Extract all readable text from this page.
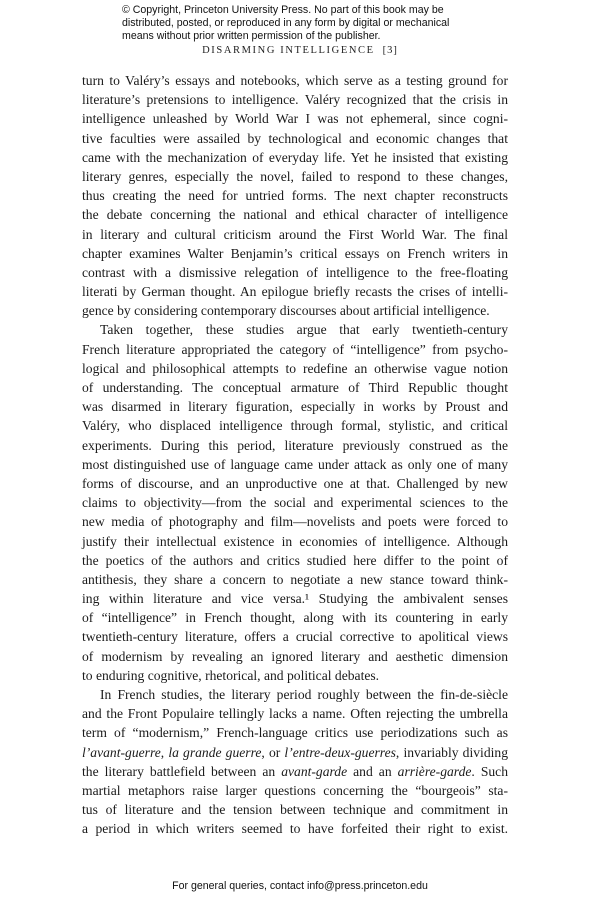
© Copyright, Princeton University Press. No part of this book may be
distributed, posted, or reproduced in any form by digital or mechanical
means without prior written permission of the publisher.
DISARMING INTELLIGENCE [3]
turn to Valéry’s essays and notebooks, which serve as a testing ground for
literature’s pretensions to intelligence. Valéry recognized that the crisis in
intelligence unleashed by World War I was not ephemeral, since cogni-
tive faculties were assailed by technological and economic changes that
came with the mechanization of everyday life. Yet he insisted that existing
literary genres, especially the novel, failed to respond to these changes,
thus creating the need for untried forms. The next chapter reconstructs
the debate concerning the national and ethical character of intelligence
in literary and cultural criticism around the First World War. The final
chapter examines Walter Benjamin’s critical essays on French writers in
contrast with a dismissive relegation of intelligence to the free-floating
literati by German thought. An epilogue briefly recasts the crises of intelli-
gence by considering contemporary discourses about artificial intelligence.
Taken together, these studies argue that early twentieth-century
French literature appropriated the category of “intelligence” from psycho-
logical and philosophical attempts to redefine an otherwise vague notion
of understanding. The conceptual armature of Third Republic thought
was disarmed in literary figuration, especially in works by Proust and
Valéry, who displaced intelligence through formal, stylistic, and critical
experiments. During this period, literature previously construed as the
most distinguished use of language came under attack as only one of many
forms of discourse, and an unproductive one at that. Challenged by new
claims to objectivity—from the social and experimental sciences to the
new media of photography and film—novelists and poets were forced to
justify their intellectual existence in economies of intelligence. Although
the poetics of the authors and critics studied here differ to the point of
antithesis, they share a concern to negotiate a new stance toward think-
ing within literature and vice versa.¹ Studying the ambivalent senses
of “intelligence” in French thought, along with its countering in early
twentieth-century literature, offers a crucial corrective to apolitical views
of modernism by revealing an ignored literary and aesthetic dimension
to enduring cognitive, rhetorical, and political debates.
In French studies, the literary period roughly between the fin-de-siècle
and the Front Populaire tellingly lacks a name. Often rejecting the umbrella
term of “modernism,” French-language critics use periodizations such as
l’avant-guerre, la grande guerre, or l’entre-deux-guerres, invariably dividing
the literary battlefield between an avant-garde and an arrière-garde. Such
martial metaphors raise larger questions concerning the “bourgeois” sta-
tus of literature and the tension between technique and commitment in
a period in which writers seemed to have forfeited their right to exist.
For general queries, contact info@press.princeton.edu
